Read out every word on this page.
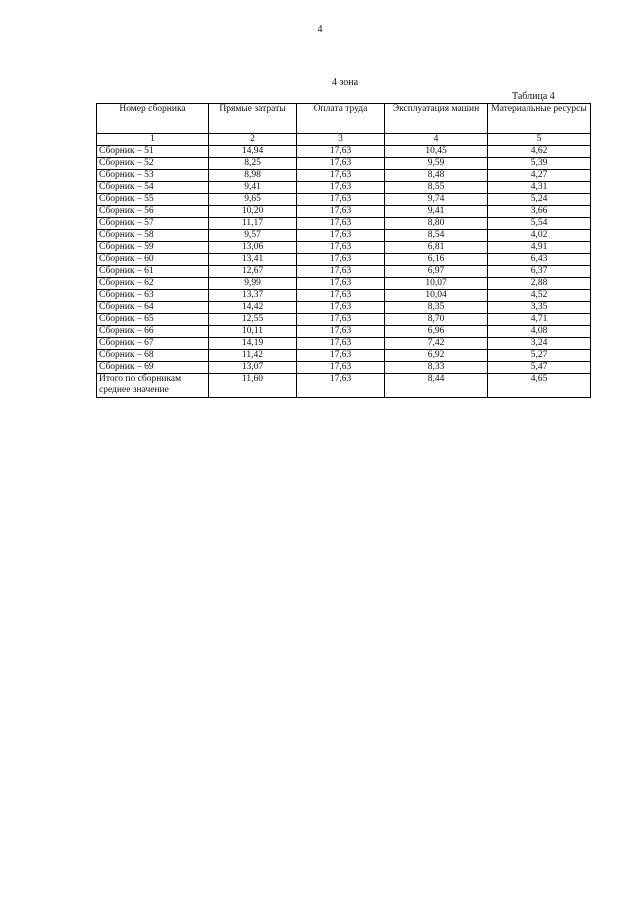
4
4 зона
Таблица 4
Номер сборника	Прямые затраты	Оплата труда	Эксплуатация машин	Материальные ресурсы
1	2	3	4	5
Сборник – 51	14,94	17,63	10,45	4,62
Сборник – 52	8,25	17,63	9,59	5,39
Сборник – 53	8,98	17,63	8,48	4,27
Сборник – 54	9,41	17,63	8,55	4,31
Сборник – 55	9,65	17,63	9,74	5,24
Сборник – 56	10,20	17,63	9,41	3,66
Сборник – 57	11,17	17,63	8,80	5,54
Сборник – 58	9,57	17,63	8,54	4,02
Сборник – 59	13,06	17,63	6,81	4,91
Сборник – 60	13,41	17,63	6,16	6,43
Сборник – 61	12,67	17,63	6,97	6,37
Сборник – 62	9,99	17,63	10,07	2,88
Сборник – 63	13,37	17,63	10,04	4,52
Сборник – 64	14,42	17,63	8,35	3,35
Сборник – 65	12,55	17,63	8,70	4,71
Сборник – 66	10,11	17,63	6,96	4,08
Сборник – 67	14,19	17,63	7,42	3,24
Сборник – 68	11,42	17,63	6,92	5,27
Сборник – 69	13,07	17,63	8,33	5,47
Итого по сборникам среднее значение	11,60	17,63	8,44	4,65
